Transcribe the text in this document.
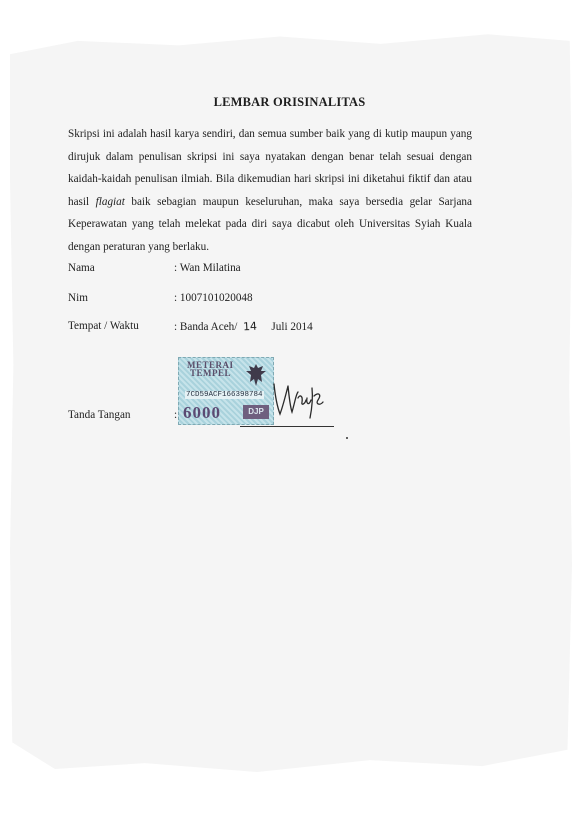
LEMBAR ORISINALITAS

Skripsi ini adalah hasil karya sendiri, dan semua sumber baik yang di kutip maupun yang dirujuk dalam penulisan skripsi ini saya nyatakan dengan benar telah sesuai dengan kaidah-kaidah penulisan ilmiah. Bila dikemudian hari skripsi ini diketahui fiktif dan atau hasil flagiat baik sebagian maupun keseluruhan, maka saya bersedia gelar Sarjana Keperawatan yang telah melekat pada diri saya dicabut oleh Universitas Syiah Kuala dengan peraturan yang berlaku.

Nama	: Wan Milatina
Nim	: 1007101020048
Tempat / Waktu	: Banda Aceh/ 14 Juli 2014
Tanda Tangan	:
METERAI
TEMPEL
7CD59ACF166398784
6000	DJP
